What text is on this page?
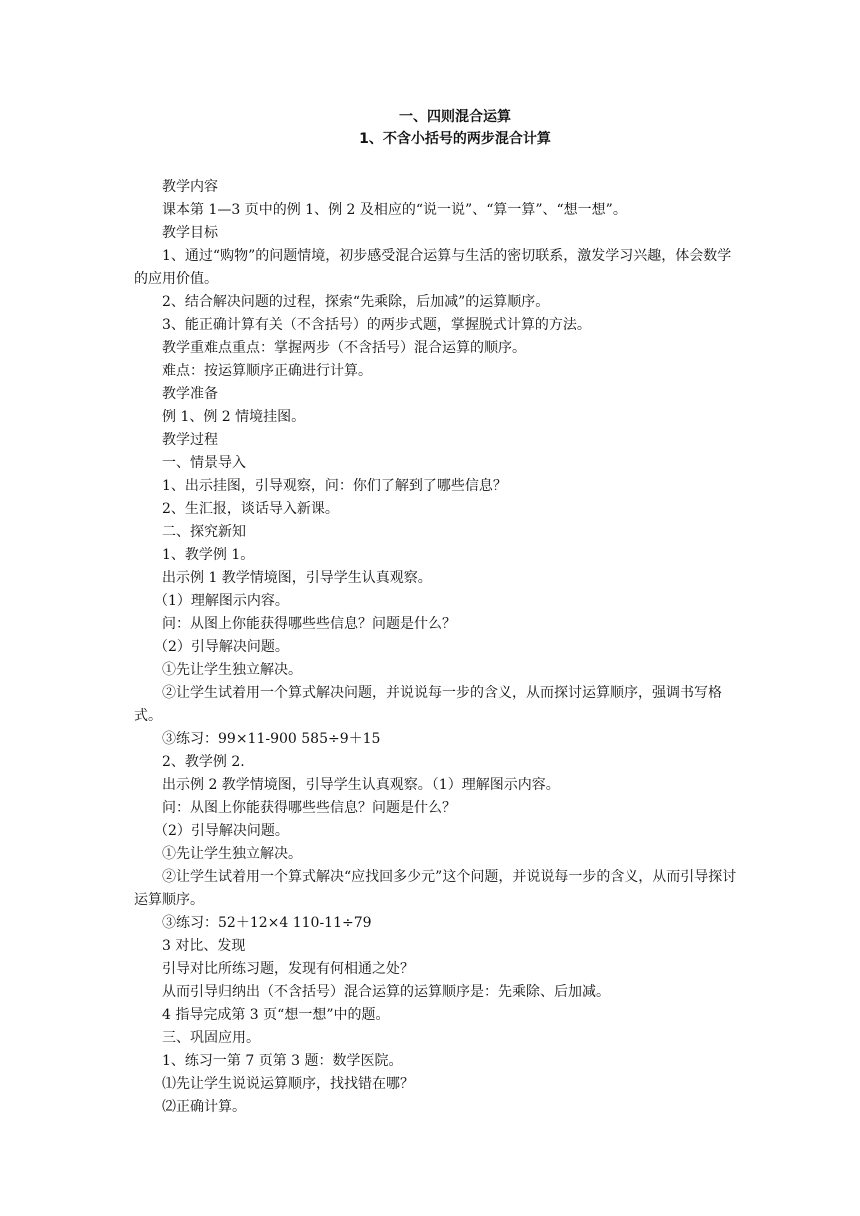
一、四则混合运算

1、不含小括号的两步混合计算

教学内容
课本第 1—3 页中的例 1、例 2 及相应的“说一说”、“算一算”、“想一想”。
教学目标
1、通过“购物”的问题情境，初步感受混合运算与生活的密切联系，激发学习兴趣，体会数学的应用价值。
2、结合解决问题的过程，探索“先乘除，后加减”的运算顺序。
3、能正确计算有关（不含括号）的两步式题，掌握脱式计算的方法。
教学重难点重点：掌握两步（不含括号）混合运算的顺序。
难点：按运算顺序正确进行计算。
教学准备
例 1、例 2 情境挂图。
教学过程
一、情景导入
1、出示挂图，引导观察，问：你们了解到了哪些信息？
2、生汇报，谈话导入新课。
二、探究新知
1、教学例 1。
出示例 1 教学情境图，引导学生认真观察。
（1）理解图示内容。
问：从图上你能获得哪些些信息？问题是什么？
（2）引导解决问题。
①先让学生独立解决。
②让学生试着用一个算式解决问题，并说说每一步的含义，从而探讨运算顺序，强调书写格式。
③练习：99×11-900 585÷9＋15
2、教学例 2.
出示例 2 教学情境图，引导学生认真观察。（1）理解图示内容。
问：从图上你能获得哪些些信息？问题是什么？
（2）引导解决问题。
①先让学生独立解决。
②让学生试着用一个算式解决“应找回多少元”这个问题，并说说每一步的含义，从而引导探讨运算顺序。
③练习：52＋12×4 110-11÷79
3 对比、发现
引导对比所练习题，发现有何相通之处？
从而引导归纳出（不含括号）混合运算的运算顺序是：先乘除、后加减。
4 指导完成第 3 页“想一想”中的题。
三、巩固应用。
1、练习一第 7 页第 3 题：数学医院。
⑴先让学生说说运算顺序，找找错在哪？
⑵正确计算。
